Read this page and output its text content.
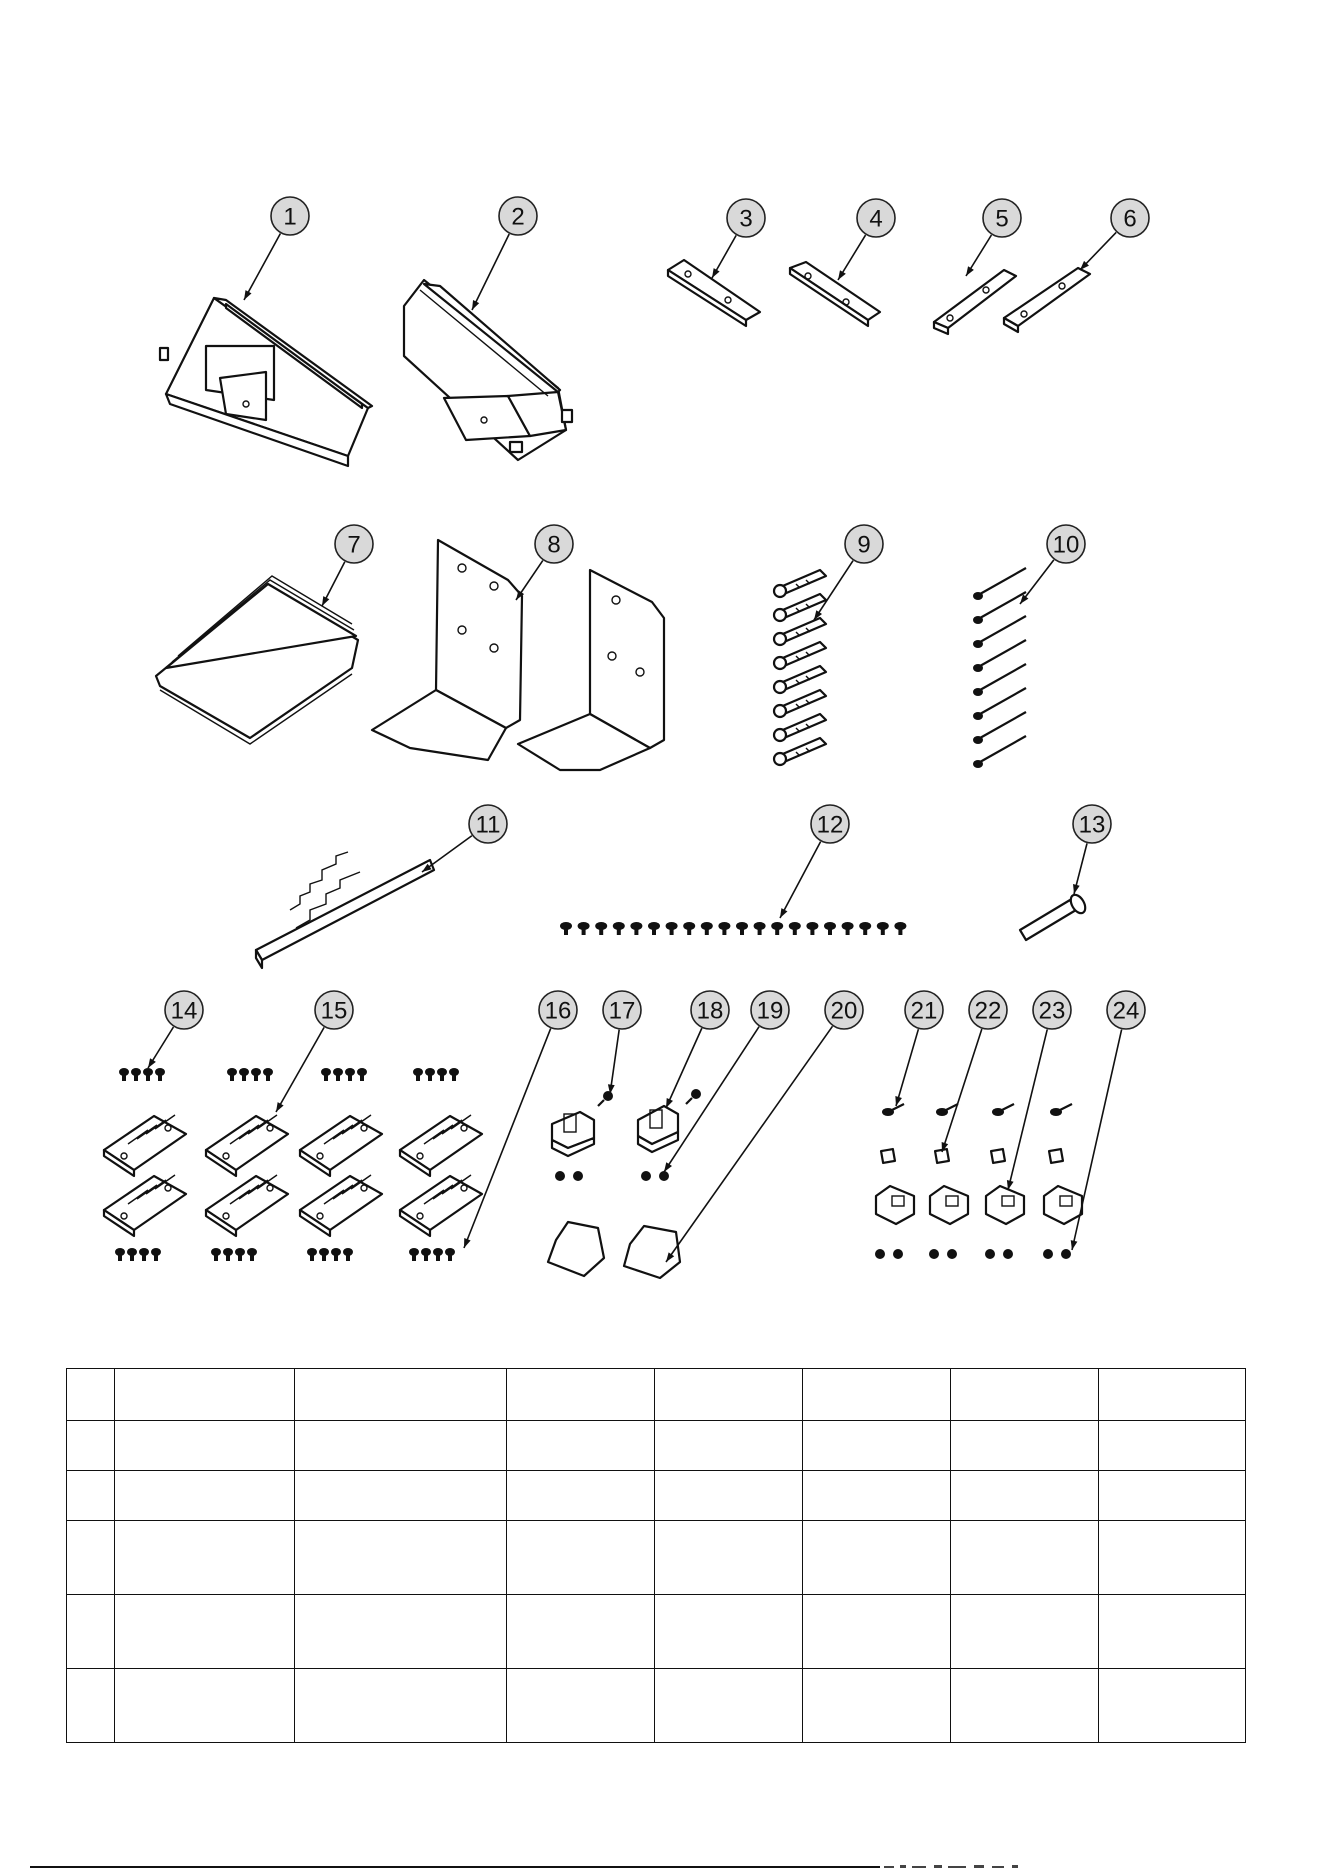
1	2	3	4	5	6
7	8	9	10
11	12	13
14	15	16 17	18 19 20 21 22 23 24
